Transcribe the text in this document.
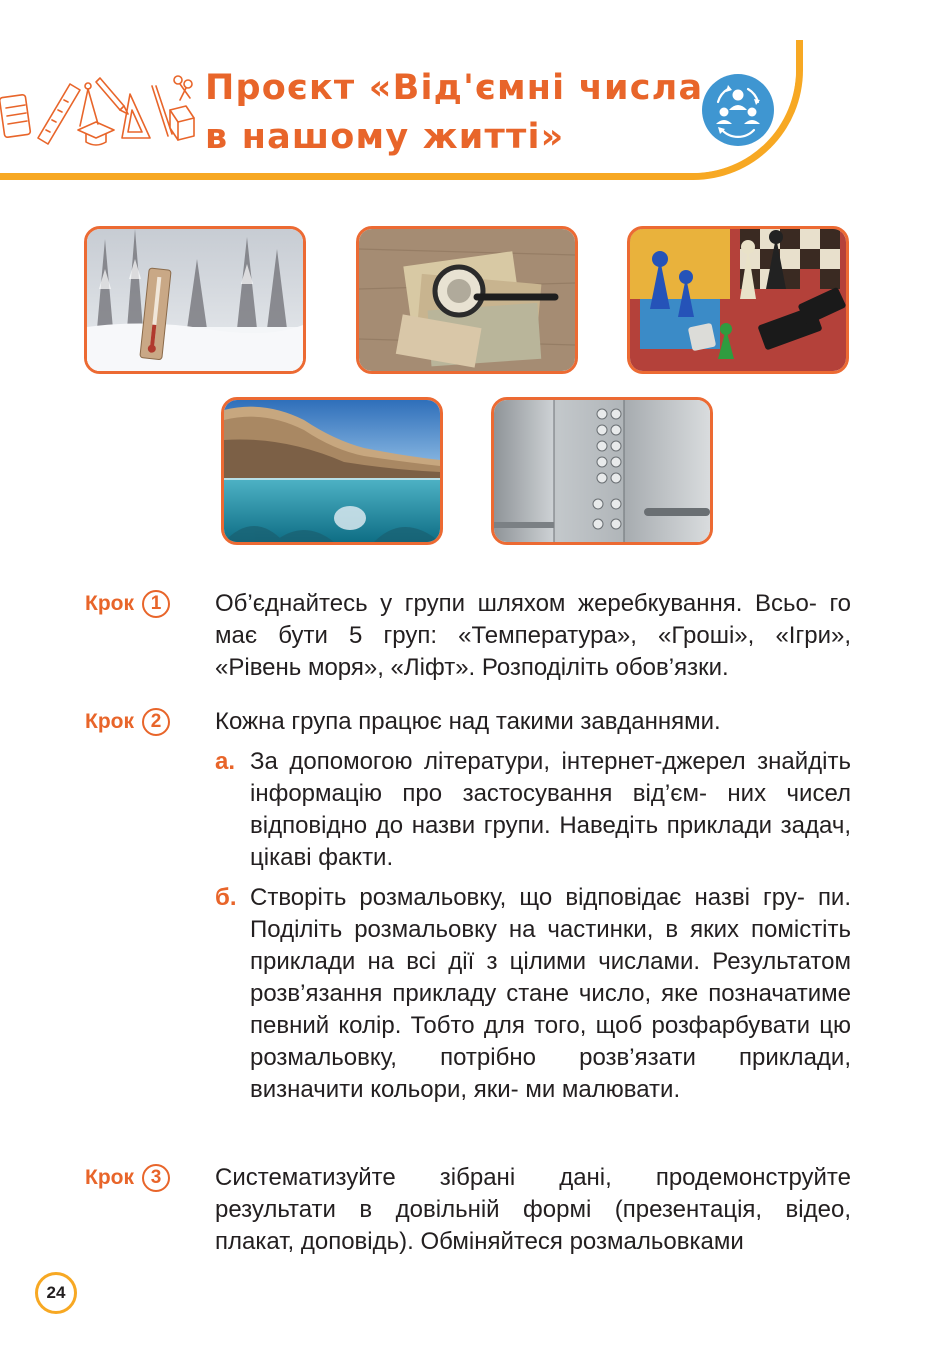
Проєкт «Від'ємні числа
в нашому житті»
Крок 1	Об’єднайтесь у групи шляхом жеребкування. Всьо- го має бути 5 груп: «Температура», «Гроші», «Ігри», «Рівень моря», «Ліфт». Розподіліть обов’язки.

Крок 2	Кожна група працює над такими завданнями.

а. За допомогою літератури, інтернет-джерел знайдіть інформацію про застосування від’єм- них чисел відповідно до назви групи. Наведіть приклади задач, цікаві факти.

б. Створіть розмальовку, що відповідає назві гру- пи. Поділіть розмальовку на частинки, в яких помістіть приклади на всі дії з цілими числами. Результатом розв’язання прикладу стане число, яке позначатиме певний колір. Тобто для того, щоб розфарбувати цю розмальовку, потрібно розв’язати приклади, визначити кольори, яки- ми малювати.

Крок 3	Систематизуйте зібрані дані, продемонструйте результати в довільній формі (презентація, відео, плакат, доповідь). Обміняйтеся розмальовками

24
